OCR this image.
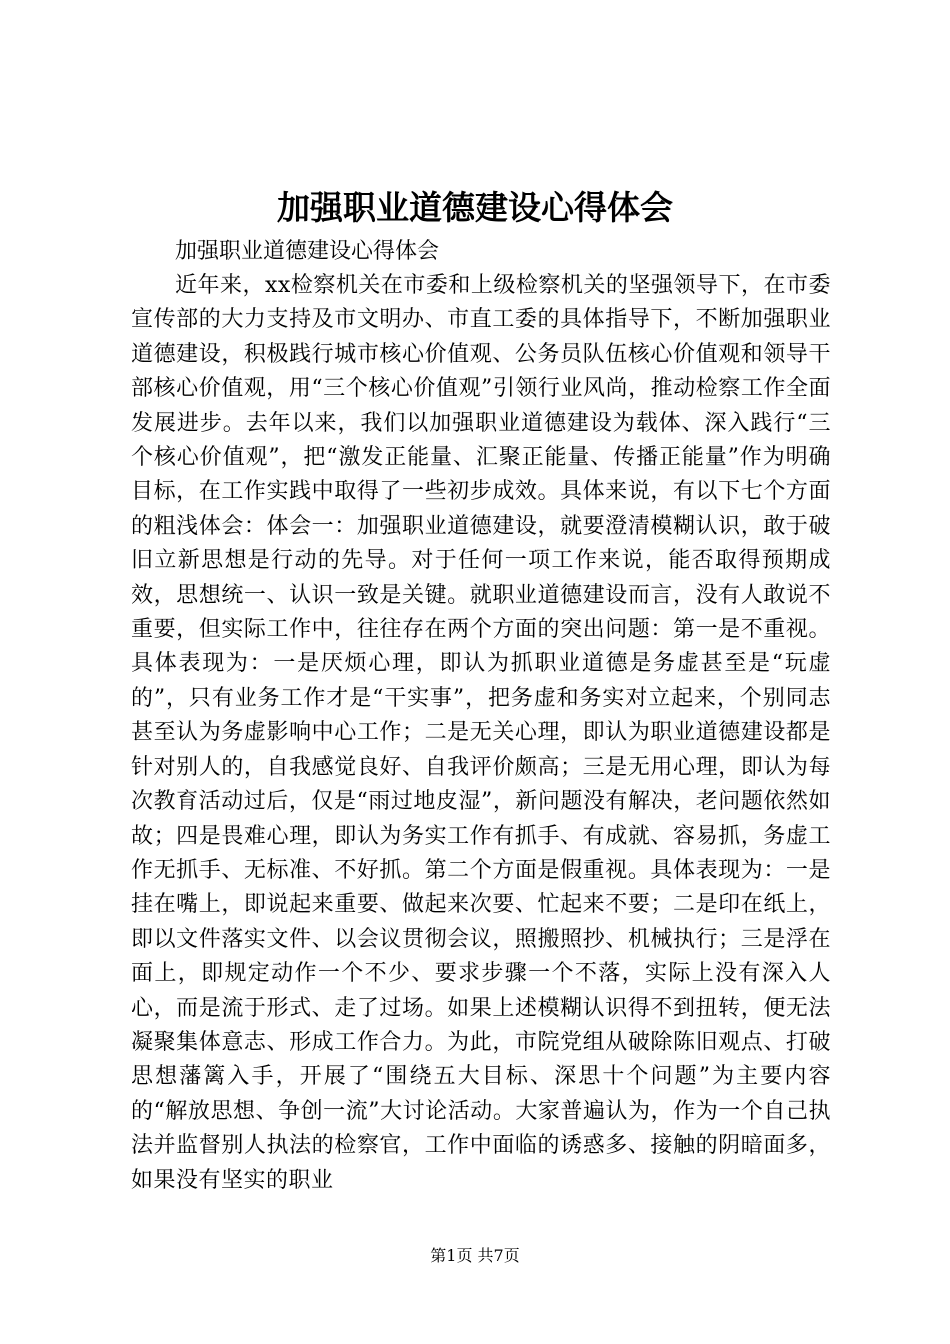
加强职业道德建设心得体会

加强职业道德建设心得体会

近年来，xx检察机关在市委和上级检察机关的坚强领导下，在市委宣传部的大力支持及市文明办、市直工委的具体指导下，不断加强职业道德建设，积极践行城市核心价值观、公务员队伍核心价值观和领导干部核心价值观，用“三个核心价值观”引领行业风尚，推动检察工作全面发展进步。去年以来，我们以加强职业道德建设为载体、深入践行“三个核心价值观”，把“激发正能量、汇聚正能量、传播正能量”作为明确目标，在工作实践中取得了一些初步成效。具体来说，有以下七个方面的粗浅体会：体会一：加强职业道德建设，就要澄清模糊认识，敢于破旧立新思想是行动的先导。对于任何一项工作来说，能否取得预期成效，思想统一、认识一致是关键。就职业道德建设而言，没有人敢说不重要，但实际工作中，往往存在两个方面的突出问题：第一是不重视。具体表现为：一是厌烦心理，即认为抓职业道德是务虚甚至是“玩虚的”，只有业务工作才是“干实事”，把务虚和务实对立起来，个别同志甚至认为务虚影响中心工作；二是无关心理，即认为职业道德建设都是针对别人的，自我感觉良好、自我评价颇高；三是无用心理，即认为每次教育活动过后，仅是“雨过地皮湿”，新问题没有解决，老问题依然如故；四是畏难心理，即认为务实工作有抓手、有成就、容易抓，务虚工作无抓手、无标准、不好抓。第二个方面是假重视。具体表现为：一是挂在嘴上，即说起来重要、做起来次要、忙起来不要；二是印在纸上，即以文件落实文件、以会议贯彻会议，照搬照抄、机械执行；三是浮在面上，即规定动作一个不少、要求步骤一个不落，实际上没有深入人心，而是流于形式、走了过场。如果上述模糊认识得不到扭转，便无法凝聚集体意志、形成工作合力。为此，市院党组从破除陈旧观点、打破思想藩篱入手，开展了“围绕五大目标、深思十个问题”为主要内容的“解放思想、争创一流”大讨论活动。大家普遍认为，作为一个自己执法并监督别人执法的检察官，工作中面临的诱惑多、接触的阴暗面多，如果没有坚实的职业

第1页 共7页
